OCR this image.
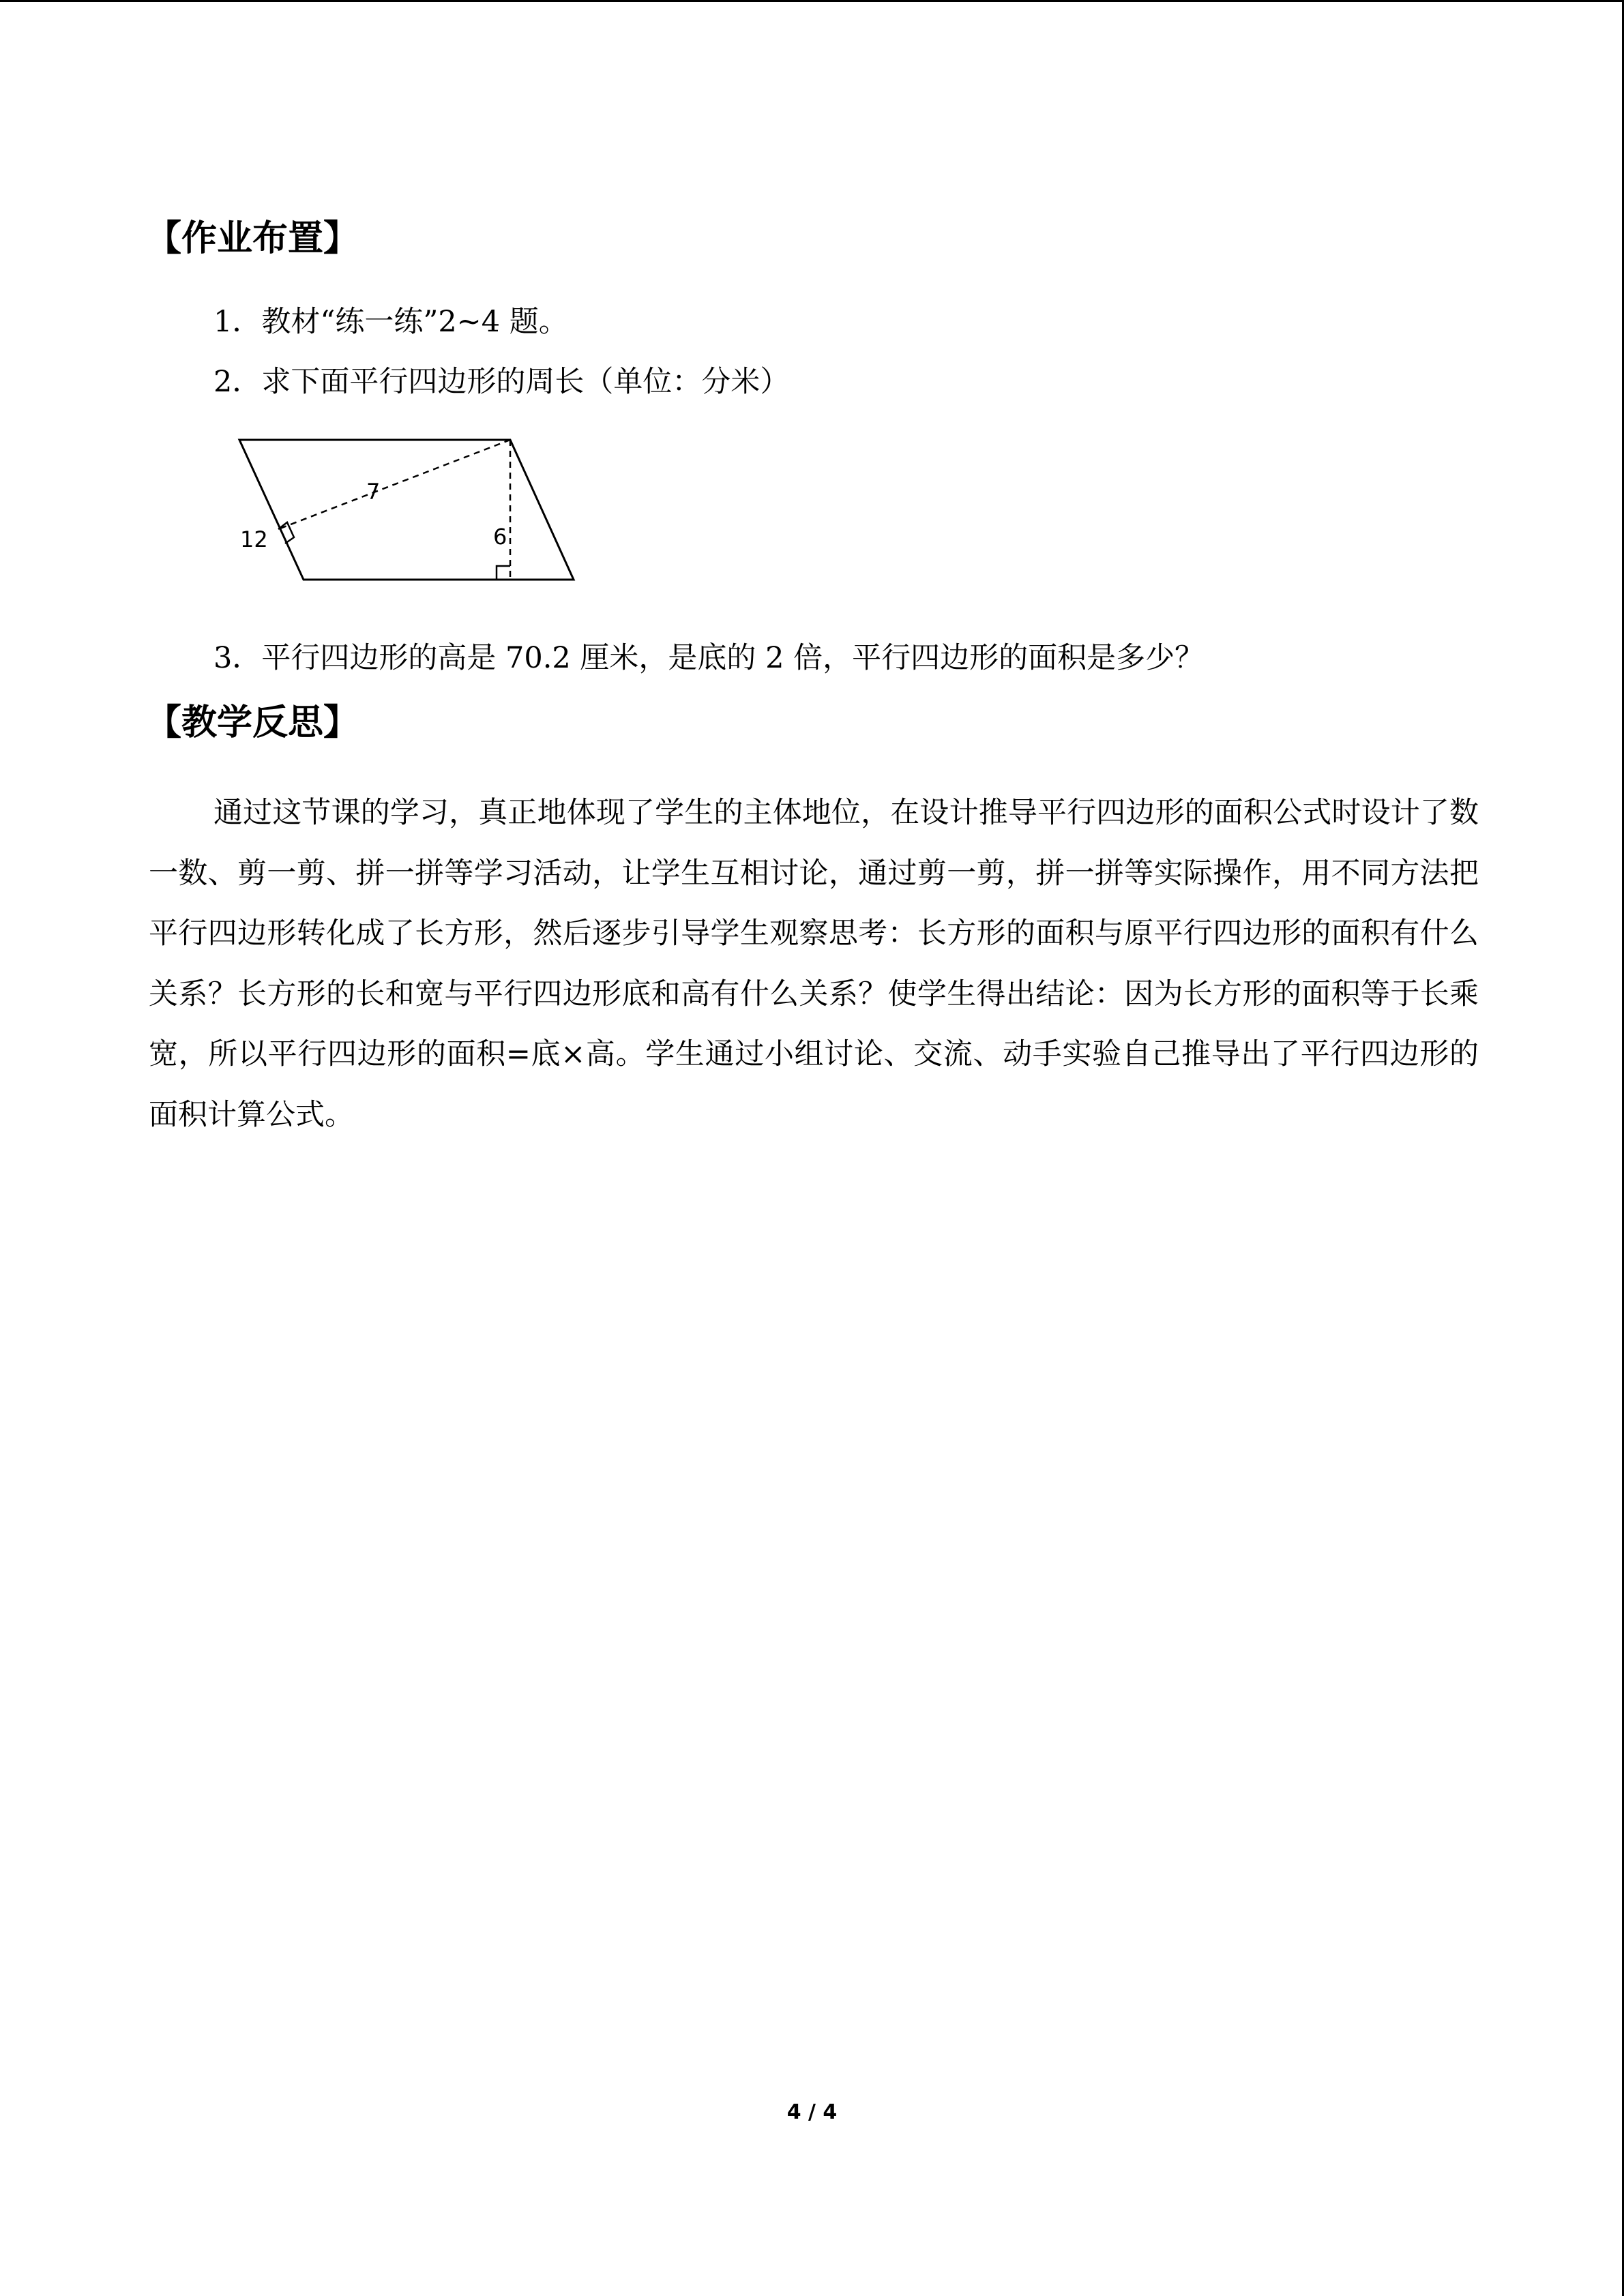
【作业布置】
1．教材“练一练”2~4 题。
2．求下面平行四边形的周长（单位：分米）
7
12	6
3．平行四边形的高是 70.2 厘米，是底的 2 倍，平行四边形的面积是多少？
【教学反思】
通过这节课的学习，真正地体现了学生的主体地位，在设计推导平行四边形的面积公式时设计了数一数、剪一剪、拼一拼等学习活动，让学生互相讨论，通过剪一剪，拼一拼等实际操作，用不同方法把平行四边形转化成了长方形，然后逐步引导学生观察思考：长方形的面积与原平行四边形的面积有什么关系？长方形的长和宽与平行四边形底和高有什么关系？使学生得出结论：因为长方形的面积等于长乘宽，所以平行四边形的面积=底×高。学生通过小组讨论、交流、动手实验自己推导出了平行四边形的面积计算公式。
4 / 4
